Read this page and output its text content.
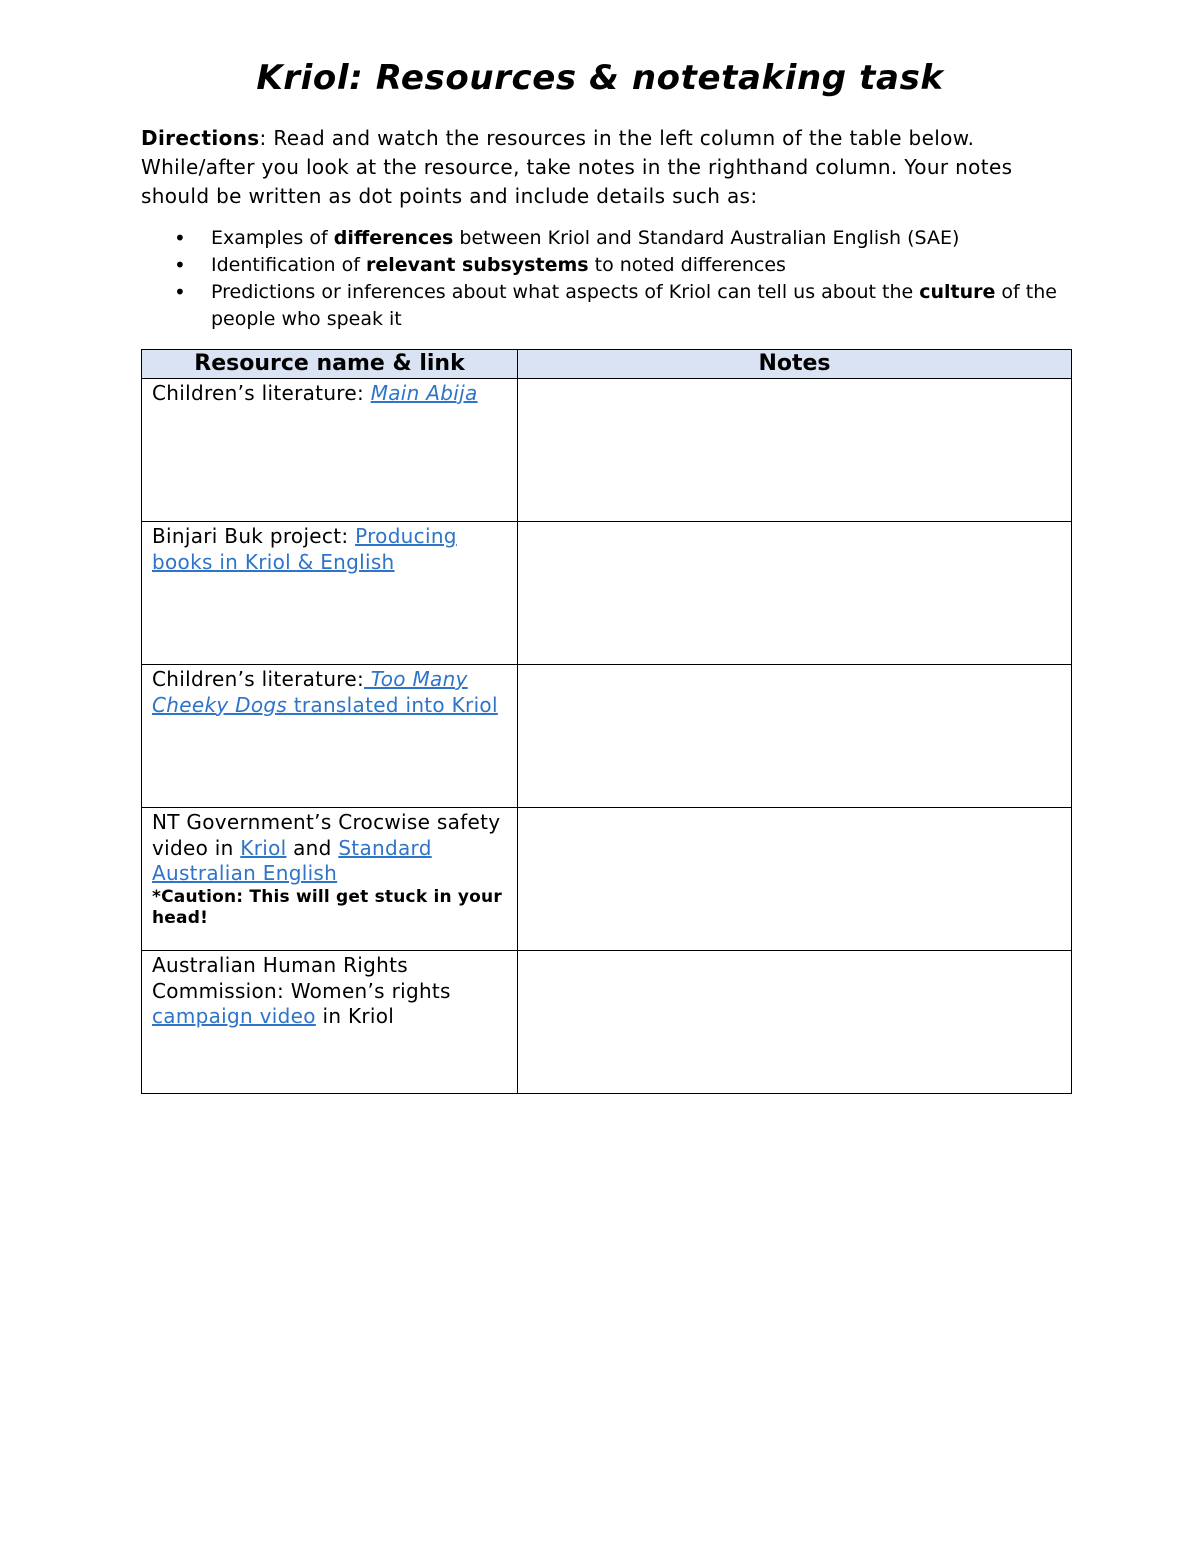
Kriol: Resources & notetaking task

Directions: Read and watch the resources in the left column of the table below. While/after you look at the resource, take notes in the righthand column. Your notes should be written as dot points and include details such as:

• Examples of differences between Kriol and Standard Australian English (SAE)
• Identification of relevant subsystems to noted differences
• Predictions or inferences about what aspects of Kriol can tell us about the culture of the people who speak it
Resource name & link	Notes
Children’s literature: Main Abija	
Binjari Buk project: Producing books in Kriol & English	
Children’s literature: Too Many Cheeky Dogs translated into Kriol	
NT Government’s Crocwise safety video in Kriol and Standard Australian English
*Caution: This will get stuck in your head!	

Australian Human Rights Commission: Women’s rights campaign video in Kriol	
